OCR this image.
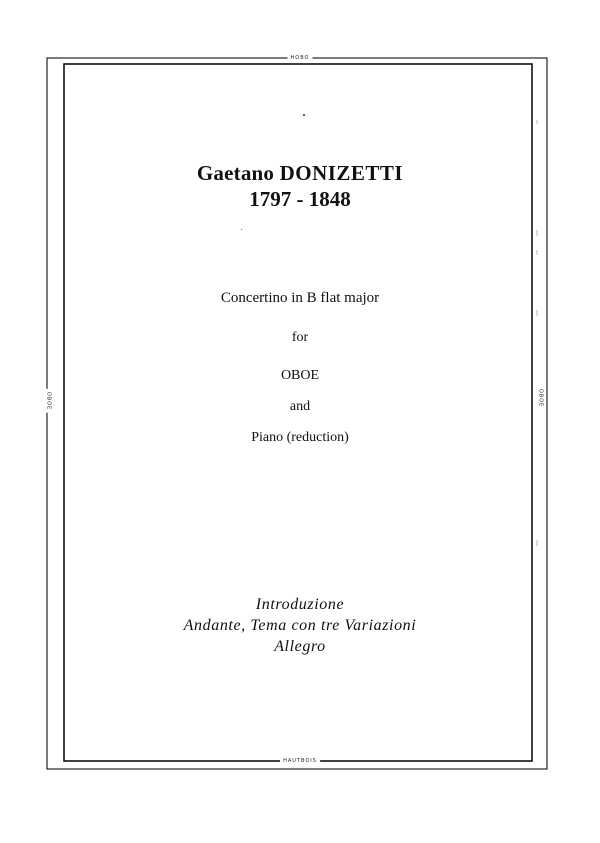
HOBO
HAUTBOIS
OBOE	OBOE
Gaetano DONIZETTI
1797 - 1848
Concertino in B flat major
for
OBOE
and
Piano (reduction)
Introduzione
Andante, Tema con tre Variazioni
Allegro
